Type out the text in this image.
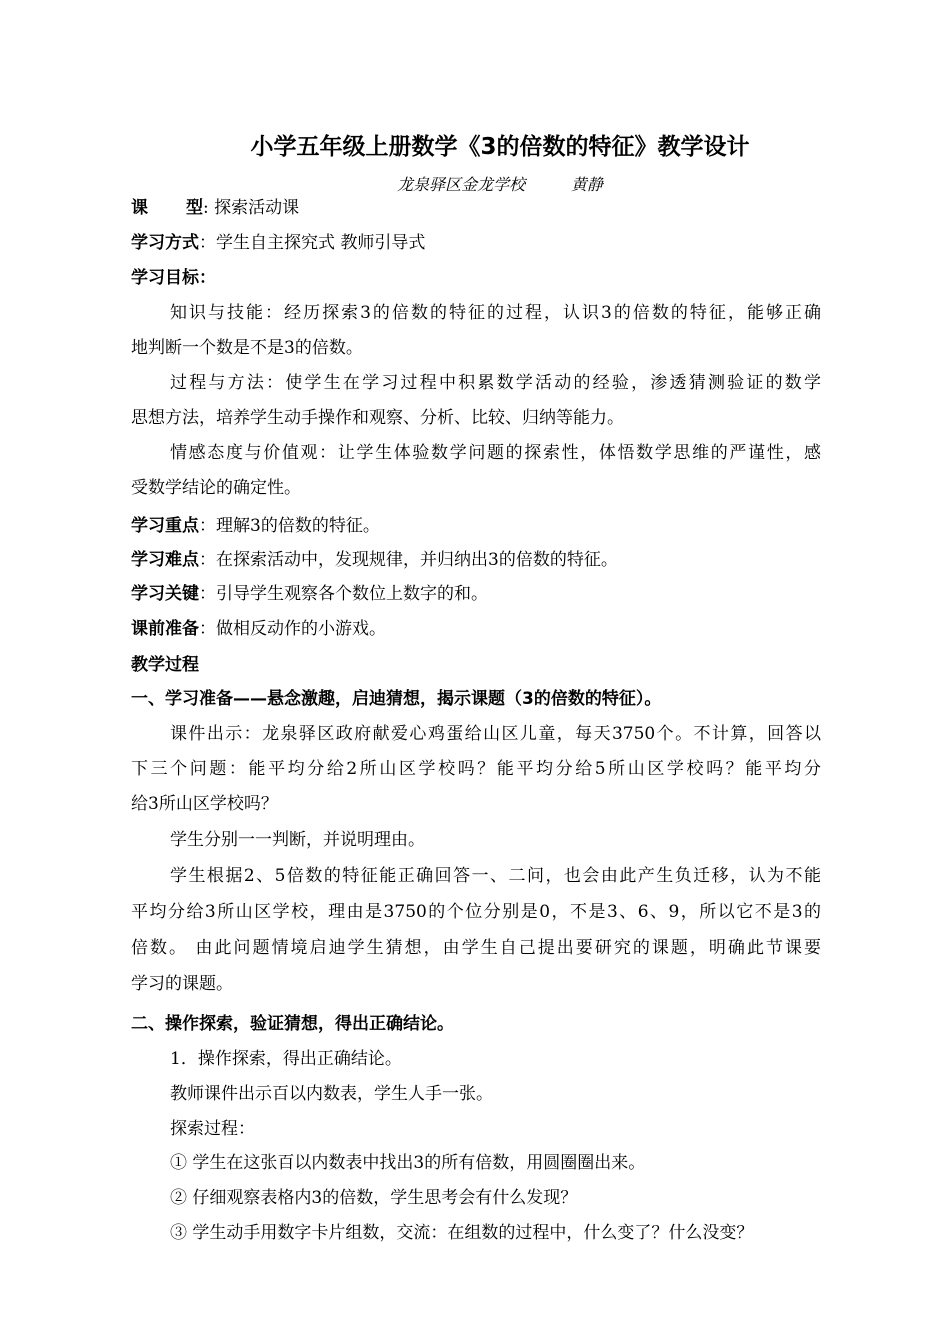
小学五年级上册数学《3的倍数的特征》教学设计
龙泉驿区金龙学校         黄静
课 型: 探索活动课
学习方式：学生自主探究式 教师引导式
学习目标：
知识与技能：经历探索3的倍数的特征的过程，认识3的倍数的特征，能够正确
地判断一个数是不是3的倍数。
过程与方法：使学生在学习过程中积累数学活动的经验，渗透猜测验证的数学
思想方法，培养学生动手操作和观察、分析、比较、归纳等能力。
情感态度与价值观：让学生体验数学问题的探索性，体悟数学思维的严谨性，感
受数学结论的确定性。
学习重点：理解3的倍数的特征。
学习难点：在探索活动中，发现规律，并归纳出3的倍数的特征。
学习关键：引导学生观察各个数位上数字的和。
课前准备：做相反动作的小游戏。
教学过程
一、学习准备——悬念激趣，启迪猜想，揭示课题（3的倍数的特征）。
课件出示：龙泉驿区政府献爱心鸡蛋给山区儿童，每天3750个。不计算，回答以
下三个问题：能平均分给2所山区学校吗？能平均分给5所山区学校吗？能平均分
给3所山区学校吗？
学生分别一一判断，并说明理由。
学生根据2、5倍数的特征能正确回答一、二问，也会由此产生负迁移，认为不能
平均分给3所山区学校，理由是3750的个位分别是0，不是3、6、9，所以它不是3的
倍数。 由此问题情境启迪学生猜想，由学生自己提出要研究的课题，明确此节课要
学习的课题。
二、操作探索，验证猜想，得出正确结论。
1．操作探索，得出正确结论。
教师课件出示百以内数表，学生人手一张。
探索过程：
① 学生在这张百以内数表中找出3的所有倍数，用圆圈圈出来。
② 仔细观察表格内3的倍数，学生思考会有什么发现？
③ 学生动手用数字卡片组数，交流：在组数的过程中，什么变了？什么没变？
